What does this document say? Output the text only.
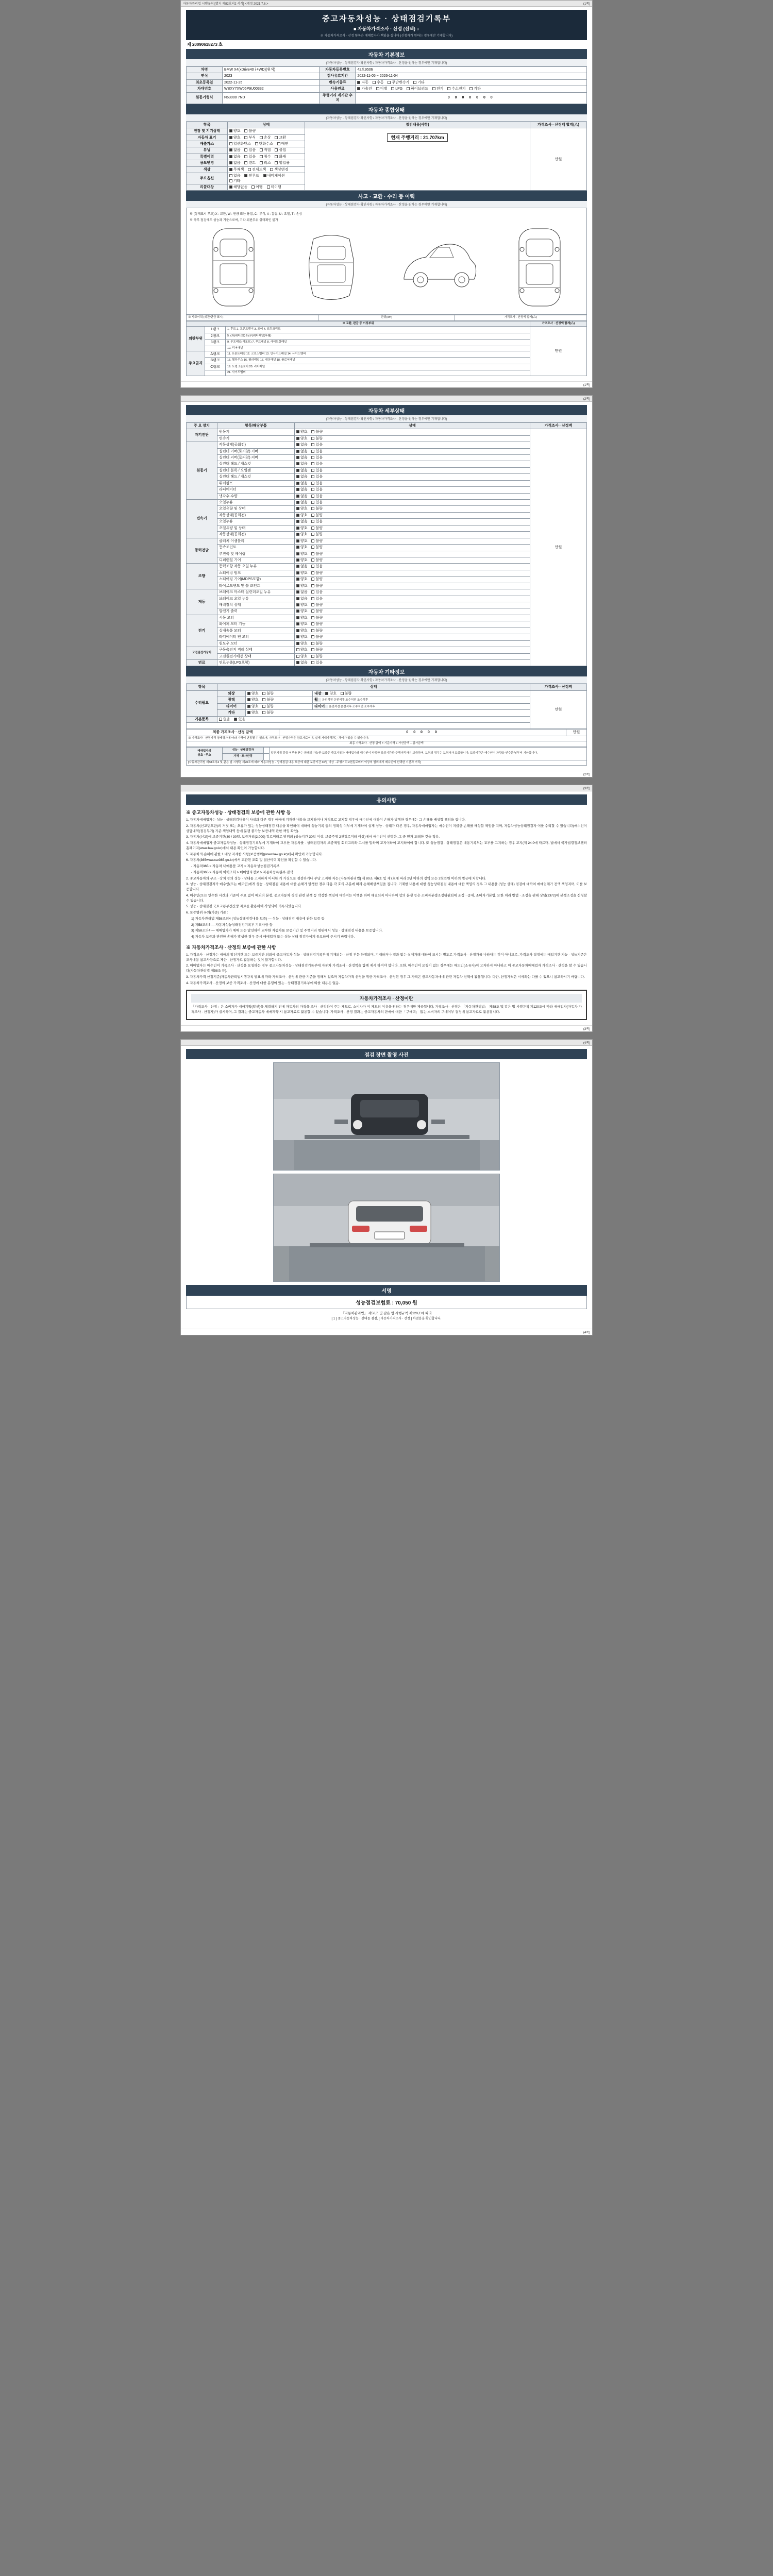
자동차관리법 시행규칙 [별지 제82호의2 서식] <개정 2021.7.6.>	(1쪽)
중고자동차성능 · 상태점검기록부
■ 자동차가격조사 · 산정 (선택) ○
※ 자동차가격조사 · 산정 항목은 매매업자가 책임을 집니다 (신청자가 원하는 경우에만 기재합니다)
제 20090618273 호
자동차 기본정보
(자동차성능 · 상태점검자 확인사항 / 자동차가격조사 · 산정을 원하는 경우에만 기재합니다)
차명	BMW X4(xDrive40 i 4WD)(흰색)	자동차등록번호	42오9506
연식	2023	검사유효기간	2022-11-05 ~ 2026-11-04
최초등록일	2022-11-25	변속기종류	자동 수동 무단변속기 기타
차대번호	WBXY7XW06P9U00332	사용연료	가솔린 디젤 LPG 하이브리드 전기 수소전기 기타
원동기형식	N63000 7ND	주행거리 계기판 수치	0 0 0 0 0 0 0
자동차 종합상태
(자동차성능 · 상태점검자 확인사항 / 자동차가격조사 · 산정을 원하는 경우에만 기재합니다)
항목	상태	점검내용(사항)	가격조사 · 산정액 합계(△)
전장 및 기기상태	양호 불량	현재 주행거리 : 21,707km	만원
자동차 표기	양호 부식 손상 교환		
배출가스	일산화탄소 탄화수소 매연		
튜닝	없음 있음 적법 불법		
특별이력	없음 있음 침수 화재		
용도변경	없음 렌트 리스 영업용		
색상	무채색 전체도색 색상변경		
주요옵션	없음 썬루프 내비게이션 기타		
리콜대상	해당없음 이행 미이행		
사고 · 교환 · 수리 등 이력
(자동차성능 · 상태점검자 확인사항 / 자동차가격조사 · 산정을 원하는 경우에만 기재합니다)
※ (상태표시 부호) X : 교환, W : 판금 또는 용접, C : 부식, A : 흠집, U : 요철, T : 손상
※ 하부 점검에도 성능과 기준으로써, 기타 외판부위 상태확인 불가
※ 사고이력 (외판/판금 표시)	단위(cm)	가격조사 · 산정액 합계(△)
※ 교환, 판금 등 이상부위			가격조사 · 산정액 합계(△)
외판부위	1랭크	1. 후드 2. 프론트휀더 3. 도어 4. 트렁크리드	만원
	2랭크	5. (좌)쿼터(後) 6.(우)쿼터패널(후웰)	
	3랭크	9. 루프패널(서포트) 7. 루프패널 8. 사이드실패널	
		10. 리어패널	
주요골격	A랭크	11. 프론트패널 12. 크로스멤버 13. 인사이드패널 14. 사이드멤버	
	B랭크	15. 휠하우스 16. 필러패널 17. 대쉬패널 18. 플로어패널	
	C랭크	19. 트렁크플로어 20. 리어패널	
		21. 사이드멤버	
(1쪽)
(2쪽)
자동차 세부상태
(자동차성능 · 상태점검자 확인사항 / 자동차가격조사 · 산정을 원하는 경우에만 기재합니다)
주 요 장치	항목/해당부품	상태	가격조사 · 산정액
자기진단	원동기	양호 불량	만원
	변속기	양호 불량	
원동기	작동상태(공회전)	없음 있음	
	실린더 커버(로커암) 커버	없음 있음	
	실린더 커버(로커암) 커버	없음 있음	
	실린더 헤드 / 개스킷	없음 있음	
	실린더 블록 / 오일팬	없음 있음	
	실린더 헤드 / 개스킷	없음 있음	
	워터펌프	없음 있음	
	라디에이터	없음 있음	
	냉각수 수량	없음 있음	
변속기	오일누유	없음 있음	
	오일유량 및 상태	양호 불량	
	작동상태(공회전)	양호 불량	
	오일누유	없음 있음	
	오일유량 및 상태	양호 불량	
	작동상태(공회전)	양호 불량	
동력전달	클러치 어셈블리	양호 불량	
	등속조인트	양호 불량	
	추진축 및 베어링	양호 불량	
	디퍼렌셜 기어	양호 불량	
조향	동력조향 작동 오일 누유	없음 있음	
	스티어링 펌프	양호 불량	
	스티어링 기어(MDPS포함)	양호 불량	
	타이로드엔드 및 볼 조인트	양호 불량	
제동	브레이크 마스터 실린더오일 누유	없음 있음	
	브레이크 오일 누유	없음 있음	
	배력장치 상태	양호 불량	
	발전기 출력	양호 불량	
전기	시동 모터	양호 불량	
	와이퍼 모터 기능	양호 불량	
	실내송풍 모터	양호 불량	
	라디에이터 팬 모터	양호 불량	
	윈도우 모터	양호 불량	
고전원전기장치	구동축전지 격리 상태	양호 불량	
	고전원전기배선 상태	양호 불량	
연료	연료누출(LPG포함)	없음 있음	
자동차 기타정보
(자동차성능 · 상태점검자 확인사항 / 자동차가격조사 · 산정을 원하는 경우에만 기재합니다)
항목	상태			가격조사 · 산정액
수리필요	외장	양호 불량	내장 양호 불량	만원
	광택	양호 불량	휠 운전석전 운전석후 조수석전 조수석후	
	타이어	양호 불량	타이어 운전석전 운전석후 조수석전 조수석후	
	기타	양호 불량		
기본품목	없음 있음			

최종 가격조사 · 산정 금액	0 0 0 0 0	만원
※ 가격조사 · 산정가격 상태평가에 따라 가격이 변동될 수 있으며, 가격조사 · 산정가격은 참고자료이며, 실제 거래가격과는 차이가 있을 수 있습니다.
최종 가격조사 · 산정 금액 = 기준가격 + 가산금액 − 감가금액
매매업자의
상호 · 주소	성능 · 상태점검자		앞면기재 검증 여부를 듣는 함께의 가능한 보증은 중고자동차 매매업자와 매수인이 약정한 보증기간과 주행거리까지 보증하며, 보험의 경우는 보험사가 보증합니다. 보증기간은 매수인이 차량을 인수한 날부터 기산합니다.
	가격 · 조사산정		
[자동차관리법 제58조의4 및 같은 법 시행령 제20조에 따라 자동차성능 · 상태점검 내용 보증에 대한 보증기간 30일 이상 · 주행거리 2천킬로미터 이상의 범위에서 매수인이 선택한 기간과 거리]			
(2쪽)
(3쪽)
유의사항
※ 중고자동차성능 · 상태점검의 보증에 관한 사항 등

1. 자동차매매업자는 성능 · 상태점검내용이 사실과 다른 경우 매매에 기재한 내용을 교지하거나 거짓으로 고지할 경우에 매수인에 대하여 손해가 발생한 경우에는 그 손해를 배상할 책임을 집니다.

2. 자동차(신고번호판)의 거짓 또는 오류가 있는 성능상태점검 내용을 확인하여 대하여 성능기록 등의 정확성 여부에 기재하여 실제 성능 · 상태가 다른 경우, 자동차매매업자는 매수인이 지급한 손해를 배상할 책임을 지며, 자동차성능상태점검자 이를 수리할 수 있습니다(매수인이 상담내역(점검무기) 기준 책임내역 등에 분쟁 불가능 보증내역 관한 책임 확인).

3. 자동차(신고)에 보증기간(30 / 30일, 보증거리(2,000) 킬로미터로 범위의 (성능기간 30일 이상, 보증주행 2천킬로미터 이상)에서 매수인이 선택한, 그 중 먼저 도래한 것을 적용.

4. 자동차매매업자 중고자동차성능 · 상태점검기록부에 기재하여 교부한 자동차를 · 상태점검자의 보증책임 회피고려와 고시를 말하며 고지여하여 고지하여야 합니다. 또 성능점검 · 상태점검은 내용기록부는 교부를 고지하는 경우 고지(제 24.0에 따르며, 법에서 국가법령정보센터 홈페이지(www.law.go.kr)에서 내용 확인이 가능합니다.

5. 자동차의 손해에 관한 1 배상 자세한 사항(보증범위)(www.law.go.kr)에서 확인이 가능합니다.

6. 자동차(365www.car365.go.kr)에서 교환된 조회 및 결산이력 확인을 확인할 수 있습니다.

- 자동차365 > 자동차 내매용품 고지 > 자동차성능점검기록부

- 자동차365 > 자동차 이력조회 > 매매업자정보 > 자동차등록원부 검색

2. 중고자동차의 구조 · 장치 등의 성능 · 상태를 고지하지 아니한 거 거짓으로 점검하거나 부당 고지한 자는 [자동차관리법] 제 80조 제6호 및 제7호에 따라 2년 이하의 징역 또는 2천만원 이하의 벌금에 처합니다.

3. 성능 · 상태점검자가 매수인(또는 매도인)에게 성능 · 상태점검 내용에 대한 손해가 발생한 경우 다음 각 호의 구분에 따라 손해배상책임을 집니다. 기재한 내용에 대한 성능상태점검 내용에 대한 책임의 경우 그 내용을 (성능 상태) 점검에 대하여 매매업체가 전액 책임지며, 이를 보증합니다.

4. 매수인(또는 인수한 시간과 기준이 주요 없이 예외의 분쟁, 중고자동차 경정 관련 분쟁 등 약정한 책임에 대하여는 이행을 하며 해결되지 아니하여 합의 분쟁 등은 소비자분쟁조정위원회에 조정 · 중재, 소비자기본법, 또한 처리 방법 · 조정을 위해 상담(1372)에 분쟁조정을 신청할 수 있습니다.

5. 성능 · 상태점검 국토교통부전산망 자료를 활용하여 작성되어 기록되었습니다.

6. 보증범위 유의(기준) 기준 :

1) 자동차관리법 제58조의4 (성능상태점검내용 보증) — 성능 · 상태점검 내용에 관한 보증 등

2) 제58조의5 — 자동차성능상태점검기록부 기록사항 등

3) 제58조의4 — 매매업자가 매매 또는 알선하여 교부한 자동차를 보증기간 및 주행거리 범위에서 성능 · 상태점검 내용을 보증합니다.

4) 자동차 보증과 관련한 손해가 발생한 경우 즉시 매매업자 또는 성능 상태 점검자에게 통보하여 주시기 바랍니다.

※ 자동차가격조사 · 산정의 보증에 관한 사항

1. 가격조사 · 산정가는 매매의 알선기간 또는 보증기간 의뢰에 중고자동차 성능 · 상태점검기록부에 기재되는 · 산정 부문 한정되며, 기대하거나 결과 없는 실제거래 대하여 표시는 별도로 가격조사 · 산정가를 나타내는 것이 아니므로, 가격조사 결정에는 매입기간 기능 · 성능기준은 조사내용 참고사항으로 제한 · 산정가로 활용하는 것이 불가합니다.

2. 매매업자는 매수인이 기록조사 · 산정을 요청하는 경우 중고자동차성능 · 상태점검기록부에 자동차 가격조사 · 산정액을 함께 제시 하여야 합니다. 또한, 매수인이 요청이 없는 경우에는 매도인(소유자)이 고지하지 아니하고 이 중고자동차매매업자 가격조사 · 산정을 할 수 있습니다(자동차관리법 제58조 등).

3. 자동차가격 산정기준(자동차관리법시행규칙 별표에 따라 가격조사 · 산정에 관한 기준을 정해져 있으며 자동차가격 산정을 위한 가격조사 · 산정된 경우 그 가격은 중고자동차매매 관련 자동차 선택에 활용됩니다. 다만, 산정가격은 시세와는 다를 수 있으니 참고하시기 바랍니다.

4. 자동차가격조사 · 산정의 보증 가격조사 · 산정에 대한 분쟁이 있는 · 상태점검기록부에 따를 내용은 없음.

자동차가격조사 · 산정이란

「가격조사 · 산정」은 소비자가 매매계약(알선)을 체결하기 전에 자동차의 가격을 조사 · 산정하여 주는 제도로, 소비자가 이 제도의 이용을 원하는 경우에만 제공됩니다. 가격조사 · 산정은 「자동차관리법」 제58조 및 같은 법 시행규칙 제120조에 따라 매매업자(자동차 가격조사 · 산정자)가 실시하며, 그 결과는 중고자동차 매매계약 시 참고자료로 활용할 수 있습니다. 가격조사 · 산정 결과는 중고자동차의 판매에 대한 「구매력」 없는 소비자의 구매여부 결정에 참고자료로 활용됩니다.

(3쪽)
(4쪽)
점검 장면 촬영 사진
서명
성능점검보험료 : 70,050 원
「자동차관리법」 제58조 및 같은 법 시행규칙 제120조에 따라
[ 1 ] 중고자동차성능 · 상태를 점검, [ 자동차가격조사 · 산정 ] 하였음을 확인합니다.
(4쪽)
